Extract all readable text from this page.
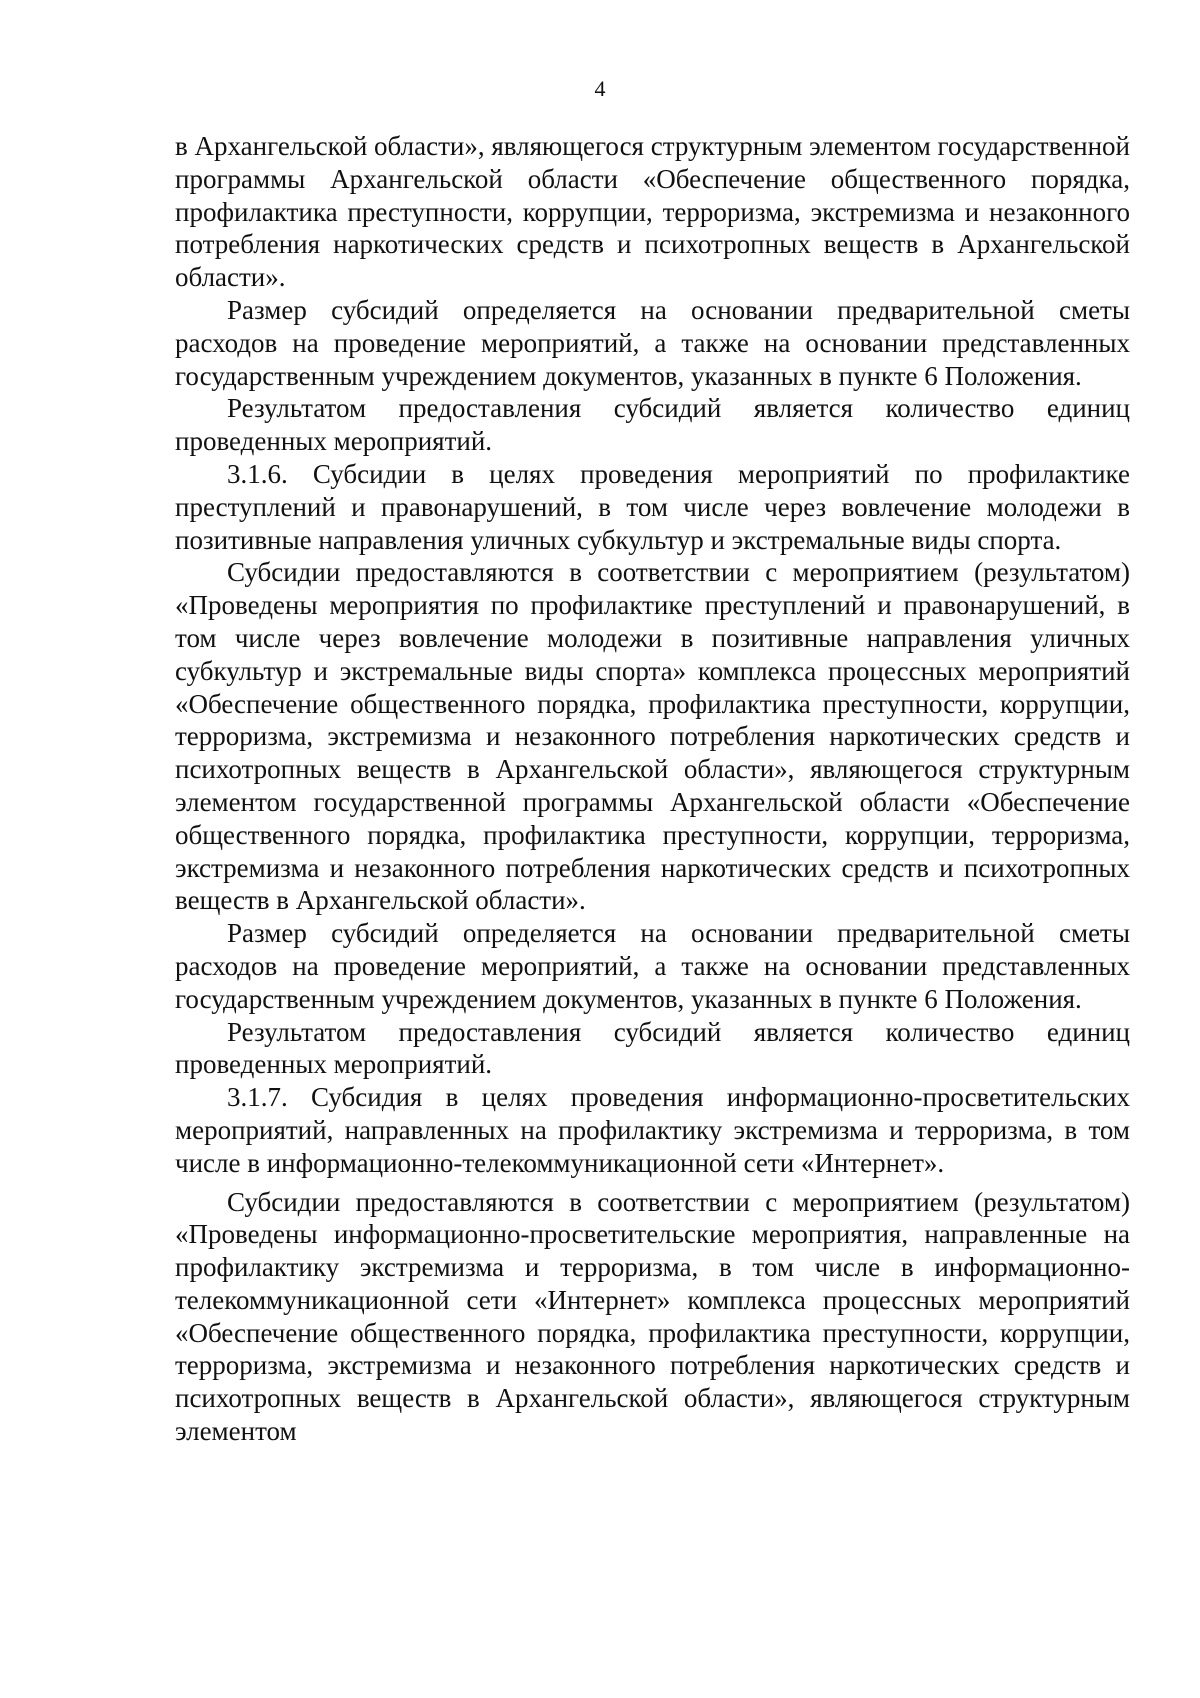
4

в Архангельской области», являющегося структурным элементом государственной программы Архангельской области «Обеспечение общественного порядка, профилактика преступности, коррупции, терроризма, экстремизма и незаконного потребления наркотических средств и психотропных веществ в Архангельской области».

Размер субсидий определяется на основании предварительной сметы расходов на проведение мероприятий, а также на основании представленных государственным учреждением документов, указанных в пункте 6 Положения.

Результатом предоставления субсидий является количество единиц проведенных мероприятий.

3.1.6. Субсидии в целях проведения мероприятий по профилактике преступлений и правонарушений, в том числе через вовлечение молодежи в позитивные направления уличных субкультур и экстремальные виды спорта.

Субсидии предоставляются в соответствии с мероприятием (результатом) «Проведены мероприятия по профилактике преступлений и правонарушений, в том числе через вовлечение молодежи в позитивные направления уличных субкультур и экстремальные виды спорта» комплекса процессных мероприятий «Обеспечение общественного порядка, профилактика преступности, коррупции, терроризма, экстремизма и незаконного потребления наркотических средств и психотропных веществ в Архангельской области», являющегося структурным элементом государственной программы Архангельской области «Обеспечение общественного порядка, профилактика преступности, коррупции, терроризма, экстремизма и незаконного потребления наркотических средств и психотропных веществ в Архангельской области».

Размер субсидий определяется на основании предварительной сметы расходов на проведение мероприятий, а также на основании представленных государственным учреждением документов, указанных в пункте 6 Положения.

Результатом предоставления субсидий является количество единиц проведенных мероприятий.

3.1.7. Субсидия в целях проведения информационно-просветительских мероприятий, направленных на профилактику экстремизма и терроризма, в том числе в информационно-телекоммуникационной сети «Интернет».

Субсидии предоставляются в соответствии с мероприятием (результатом) «Проведены информационно-просветительские мероприятия, направленные на профилактику экстремизма и терроризма, в том числе в информационно-телекоммуникационной сети «Интернет» комплекса процессных мероприятий «Обеспечение общественного порядка, профилактика преступности, коррупции, терроризма, экстремизма и незаконного потребления наркотических средств и психотропных веществ в Архангельской области», являющегося структурным элементом
